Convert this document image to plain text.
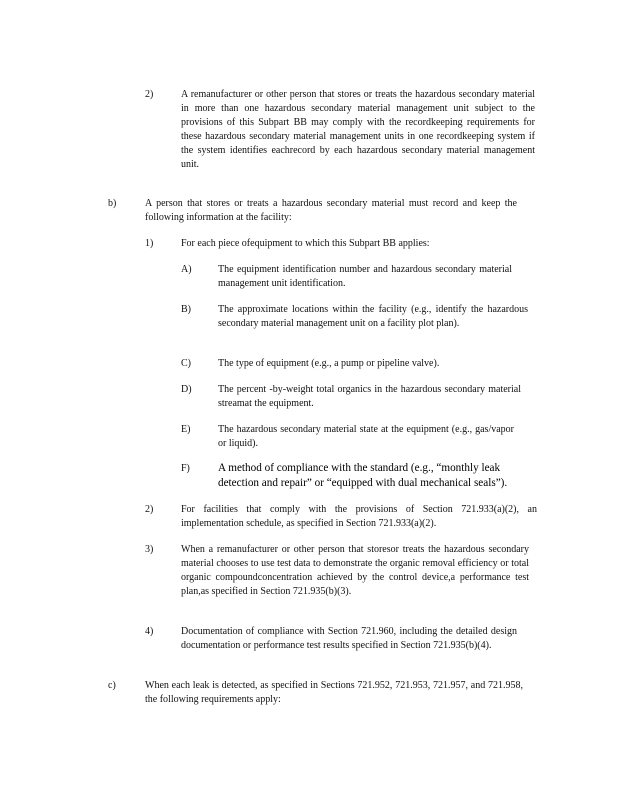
2)	A remanufacturer or other person that stores or treats the hazardous secondary material in more than one hazardous secondary material management unit subject to the provisions of this Subpart BB may comply with the recordkeeping requirements for these hazardous secondary material management units in one recordkeeping system if the system identifies eachrecord by each hazardous secondary material management unit.
b)	A person that stores or treats a hazardous secondary material must record and keep the following information at the facility:
1)	For each piece ofequipment to which this Subpart BB applies:
A)	The equipment identification number and hazardous secondary material management unit identification.
B)	The approximate locations within the facility (e.g., identify the hazardous secondary material management unit on a facility plot plan).
C)	The type of equipment (e.g., a pump or pipeline valve).
D)	The percent -by-weight total organics in the hazardous secondary material streamat the equipment.
E)	The hazardous secondary material state at the equipment (e.g., gas/vapor or liquid).
F)	A method of compliance with the standard (e.g., “monthly leak detection and repair” or “equipped with dual mechanical seals”).
2)	For facilities that comply with the provisions of Section 721.933(a)(2), an implementation schedule, as specified in Section 721.933(a)(2).
3)	When a remanufacturer or other person that storesor treats the hazardous secondary material chooses to use test data to demonstrate the organic removal efficiency or total organic compoundconcentration achieved by the control device,a performance test plan,as specified in Section 721.935(b)(3).
4)	Documentation of compliance with Section 721.960, including the detailed design documentation or performance test results specified in Section 721.935(b)(4).
c)	When each leak is detected, as specified in Sections 721.952, 721.953, 721.957, and 721.958, the following requirements apply:
